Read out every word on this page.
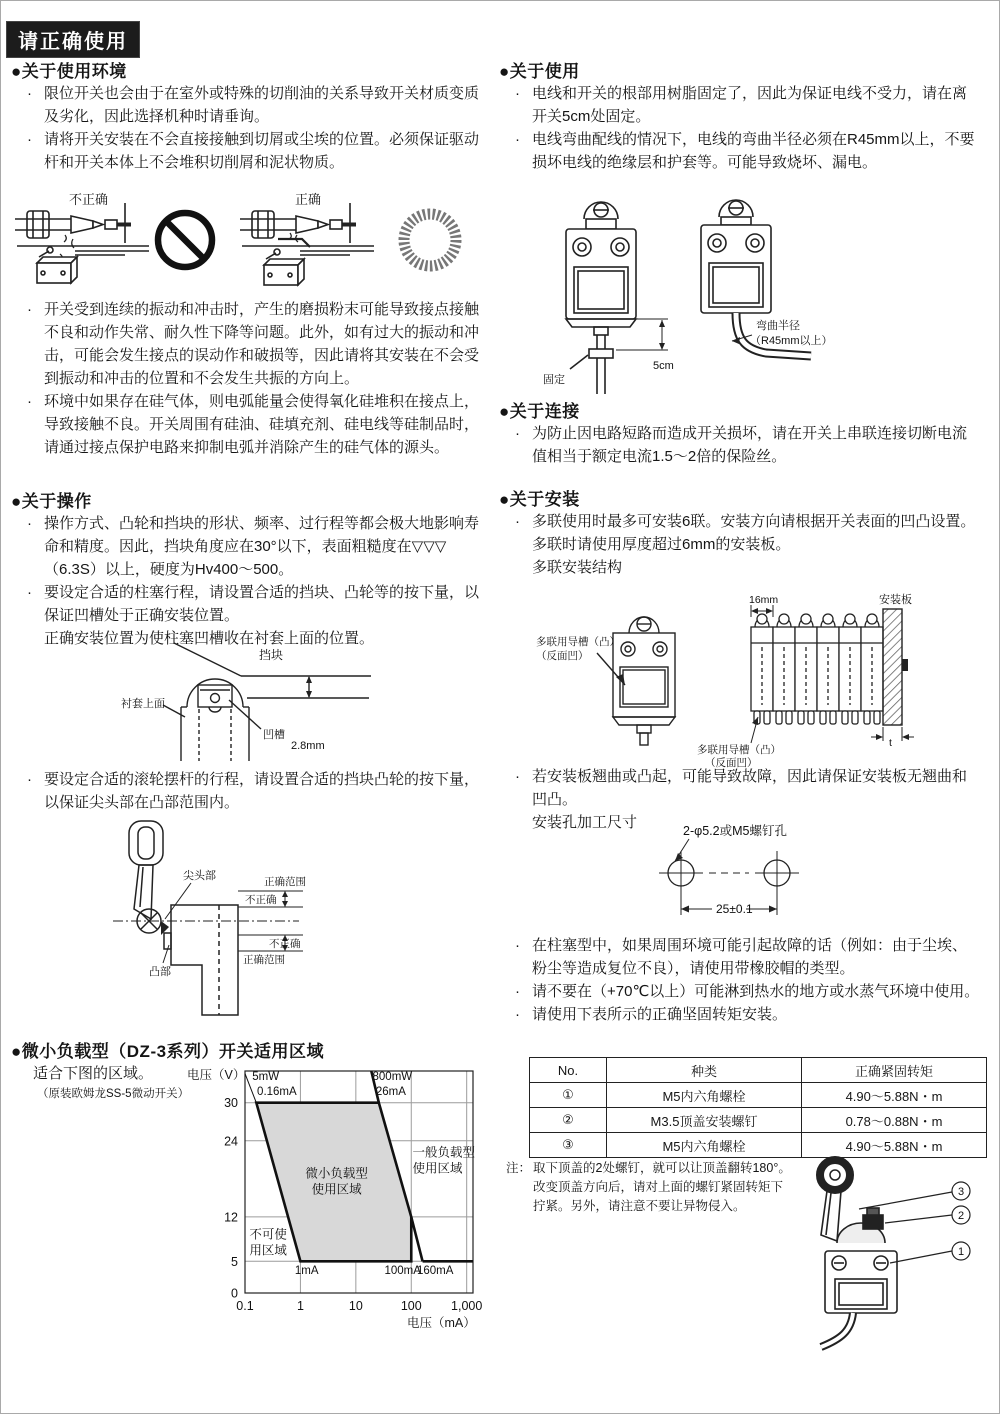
请正确使用
●关于使用环境
· 限位开关也会由于在室外或特殊的切削油的关系导致开关材质变质及劣化，因此选择机种时请垂询。
· 请将开关安装在不会直接接触到切屑或尘埃的位置。必须保证驱动杆和开关本体上不会堆积切削屑和泥状物质。
不正确	正确
· 开关受到连续的振动和冲击时，产生的磨损粉末可能导致接点接触不良和动作失常、耐久性下降等问题。此外，如有过大的振动和冲击，可能会发生接点的误动作和破损等，因此请将其安装在不会受到振动和冲击的位置和不会发生共振的方向上。
· 环境中如果存在硅气体，则电弧能量会使得氧化硅堆积在接点上，导致接触不良。开关周围有硅油、硅填充剂、硅电线等硅制品时，请通过接点保护电路来抑制电弧并消除产生的硅气体的源头。
●关于操作
· 操作方式、凸轮和挡块的形状、频率、过行程等都会极大地影响寿命和精度。因此，挡块角度应在30°以下，表面粗糙度在▽▽▽（6.3S）以上，硬度为Hv400～500。
· 要设定合适的柱塞行程，请设置合适的挡块、凸轮等的按下量，以保证凹槽处于正确安装位置。
正确安装位置为使柱塞凹槽收在衬套上面的位置。
挡块
衬套上面
凹槽
2.8mm
· 要设定合适的滚轮摆杆的行程，请设置合适的挡块凸轮的按下量，以保证尖头部在凸部范围内。
尖头部	正确范围
不正确
不正确
正确范围
凸部
●微小负载型（DZ-3系列）开关适用区域
适合下图的区域。
（原装欧姆龙SS-5微动开关）
电压（V）
0
5
12
24
30
0.1	1	10	100 1,000
5mW
0.16mA
800mW
26mA
微小负载型
使用区域
一般负载型
使用区域
不可使
用区域
1mA	100mA
160mA
电压（mA）
●关于使用
· 电线和开关的根部用树脂固定了，因此为保证电线不受力，请在离开关5cm处固定。
· 电线弯曲配线的情况下，电线的弯曲半径必须在R45mm以上，不要损坏电线的绝缘层和护套等。可能导致烧坏、漏电。
固定
5cm
弯曲半径
（R45mm以上）
●关于连接
· 为防止因电路短路而造成开关损坏，请在开关上串联连接切断电流值相当于额定电流1.5～2倍的保险丝。
●关于安装
· 多联使用时最多可安装6联。安装方向请根据开关表面的凹凸设置。
多联时请使用厚度超过6mm的安装板。
多联安装结构
16mm	安装板
t
多联用导槽（凸）
（反面凹）
多联用导槽（凸）
（反面凹）
· 若安装板翘曲或凸起，可能导致故障，因此请保证安装板无翘曲和凹凸。
安装孔加工尺寸	2-φ5.2或M5螺钉孔
25±0.1
· 在柱塞型中，如果周围环境可能引起故障的话（例如：由于尘埃、粉尘等造成复位不良），请使用带橡胶帽的类型。
· 请不要在（+70℃以上）可能淋到热水的地方或水蒸气环境中使用。
· 请使用下表所示的正确坚固转矩安装。
No.	种类	正确紧固转矩
①	M5内六角螺栓	4.90～5.88N・m
②	M3.5顶盖安装螺钉	0.78～0.88N・m
③	M5内六角螺栓	4.90～5.88N・m
注： 取下顶盖的2处螺钉，就可以让顶盖翻转180°。
改变顶盖方向后，请对上面的螺钉紧固转矩下
拧紧。另外，请注意不要让异物侵入。
3
2
1
